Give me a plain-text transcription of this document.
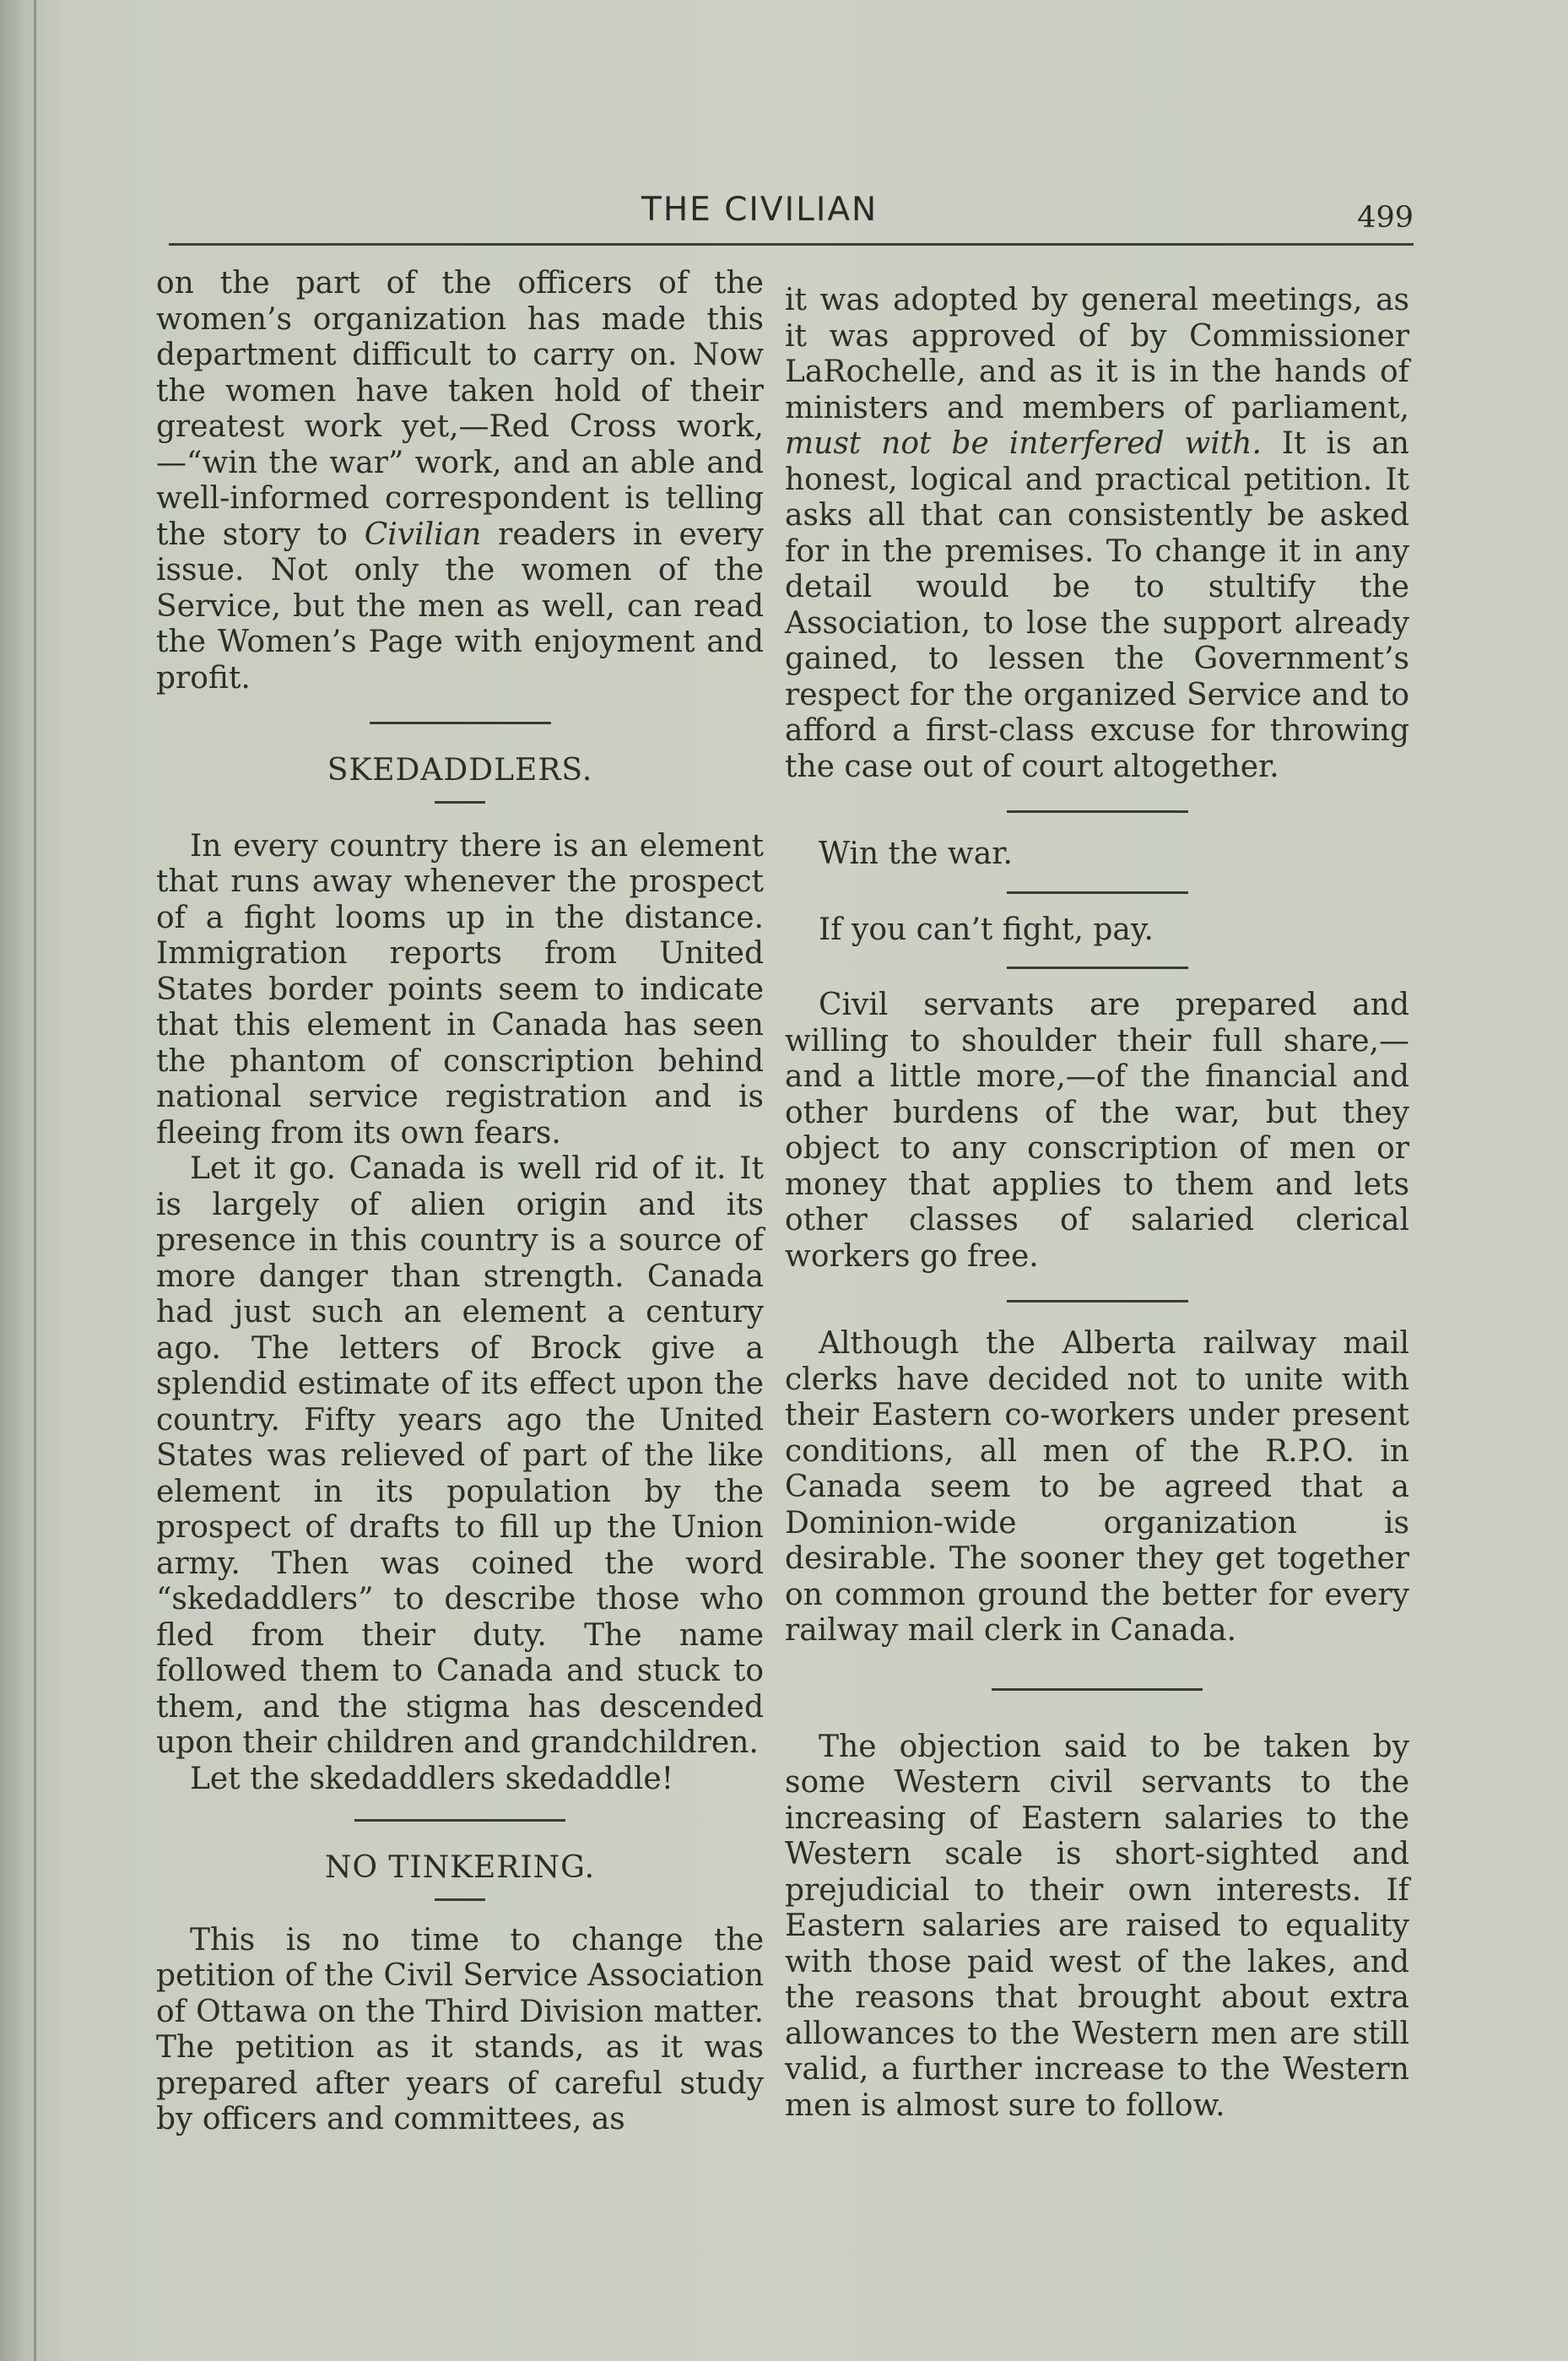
THE CIVILIAN	499

on the part of the officers of the women’s organization has made this department difficult to carry on. Now the women have taken hold of their greatest work yet,—Red Cross work, —“win the war” work, and an able and well-informed correspondent is telling the story to Civilian readers in every issue. Not only the women of the Service, but the men as well, can read the Women’s Page with enjoyment and profit.

SKEDADDLERS.

In every country there is an element that runs away whenever the prospect of a fight looms up in the distance. Immigration reports from United States border points seem to indicate that this element in Canada has seen the phantom of conscription behind national service registration and is fleeing from its own fears.

Let it go. Canada is well rid of it. It is largely of alien origin and its presence in this country is a source of more danger than strength. Canada had just such an element a century ago. The letters of Brock give a splendid estimate of its effect upon the country. Fifty years ago the United States was relieved of part of the like element in its population by the prospect of drafts to fill up the Union army. Then was coined the word “skedaddlers” to describe those who fled from their duty. The name followed them to Canada and stuck to them, and the stigma has descended upon their children and grandchildren.

Let the skedaddlers skedaddle!

NO TINKERING.

This is no time to change the petition of the Civil Service Association of Ottawa on the Third Division matter. The petition as it stands, as it was prepared after years of careful study by officers and committees, as

it was adopted by general meetings, as it was approved of by Commissioner LaRochelle, and as it is in the hands of ministers and members of parliament, must not be interfered with. It is an honest, logical and practical petition. It asks all that can consistently be asked for in the premises. To change it in any detail would be to stultify the Association, to lose the support already gained, to lessen the Government’s respect for the organized Service and to afford a first-class excuse for throwing the case out of court altogether.

Win the war.

If you can’t fight, pay.

Civil servants are prepared and willing to shoulder their full share,—and a little more,—of the financial and other burdens of the war, but they object to any conscription of men or money that applies to them and lets other classes of salaried clerical workers go free.

Although the Alberta railway mail clerks have decided not to unite with their Eastern co-workers under present conditions, all men of the R.P.O. in Canada seem to be agreed that a Dominion-wide organization is desirable. The sooner they get together on common ground the better for every railway mail clerk in Canada.

The objection said to be taken by some Western civil servants to the increasing of Eastern salaries to the Western scale is short-sighted and prejudicial to their own interests. If Eastern salaries are raised to equality with those paid west of the lakes, and the reasons that brought about extra allowances to the Western men are still valid, a further increase to the Western men is almost sure to follow.
